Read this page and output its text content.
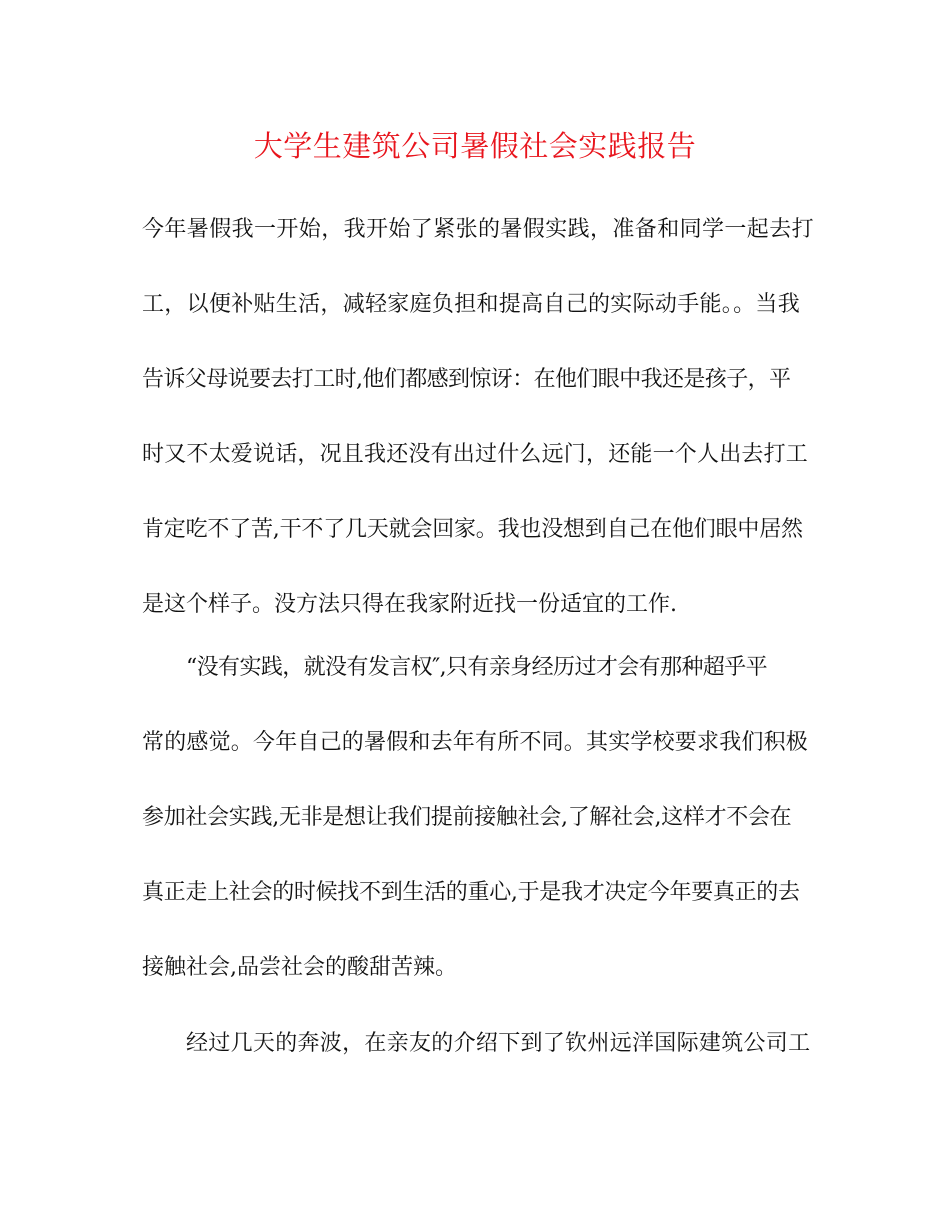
大学生建筑公司暑假社会实践报告
今年暑假我一开始，我开始了紧张的暑假实践，准备和同学一起去打
工，以便补贴生活，减轻家庭负担和提高自己的实际动手能。。当我
告诉父母说要去打工时,他们都感到惊讶：在他们眼中我还是孩子，平
时又不太爱说话，况且我还没有出过什么远门，还能一个人出去打工
肯定吃不了苦,干不了几天就会回家。我也没想到自己在他们眼中居然
是这个样子。没方法只得在我家附近找一份适宜的工作.
“没有实践，就没有发言权″,只有亲身经历过才会有那种超乎平
常的感觉。今年自己的暑假和去年有所不同。其实学校要求我们积极
参加社会实践,无非是想让我们提前接触社会,了解社会,这样才不会在
真正走上社会的时候找不到生活的重心,于是我才决定今年要真正的去
接触社会,品尝社会的酸甜苦辣。
经过几天的奔波，在亲友的介绍下到了钦州远洋国际建筑公司工
